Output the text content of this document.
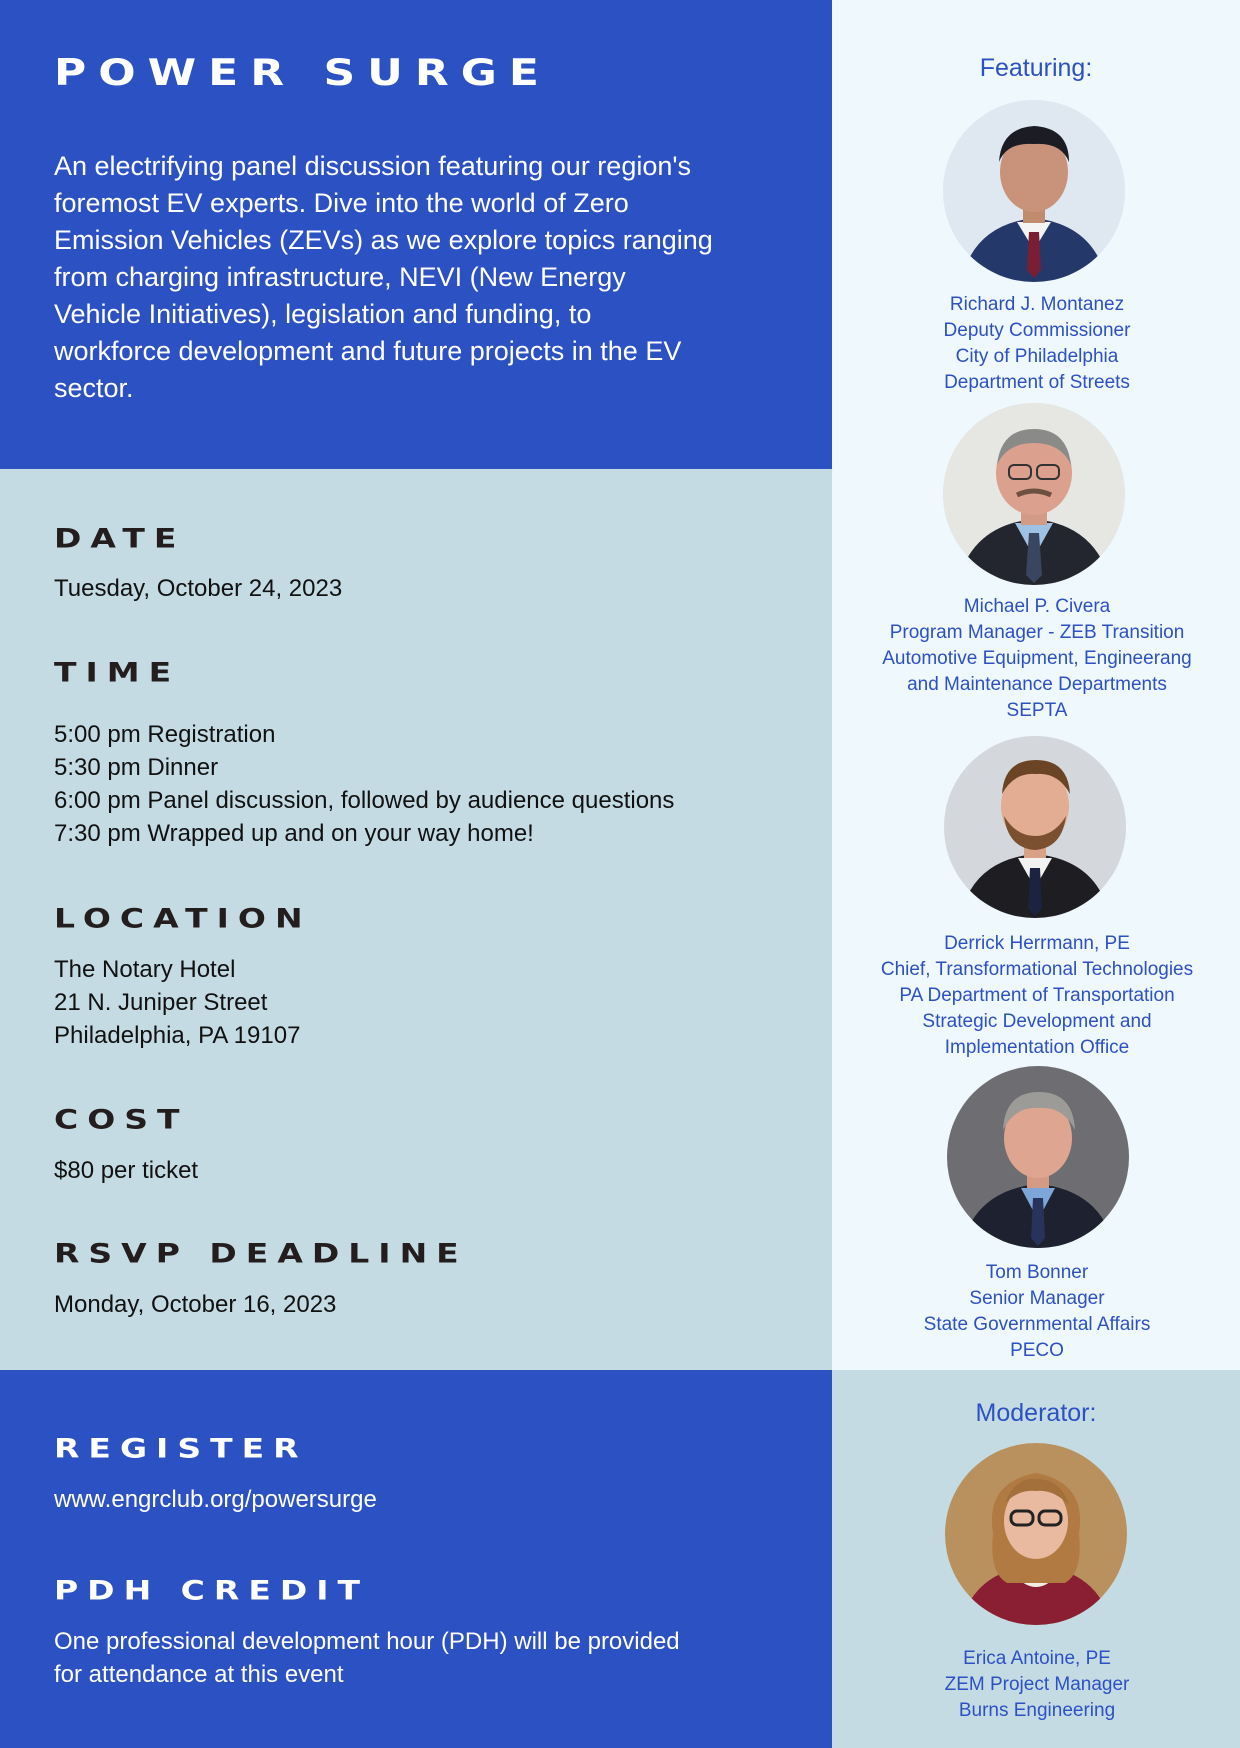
POWER SURGE

An electrifying panel discussion featuring our region's foremost EV experts. Dive into the world of Zero Emission Vehicles (ZEVs) as we explore topics ranging from charging infrastructure, NEVI (New Energy Vehicle Initiatives), legislation and funding, to workforce development and future projects in the EV sector.

DATE

Tuesday, October 24, 2023

TIME

5:00 pm Registration
5:30 pm Dinner
6:00 pm Panel discussion, followed by audience questions
7:30 pm Wrapped up and on your way home!

LOCATION

The Notary Hotel
21 N. Juniper Street
Philadelphia, PA 19107

COST

$80 per ticket

RSVP DEADLINE

Monday, October 16, 2023

REGISTER

www.engrclub.org/powersurge

PDH CREDIT

One professional development hour (PDH) will be provided
for attendance at this event

Featuring:

Richard J. Montanez
Deputy Commissioner
City of Philadelphia
Department of Streets

Michael P. Civera
Program Manager - ZEB Transition
Automotive Equipment, Engineerang
and Maintenance Departments
SEPTA

Derrick Herrmann, PE
Chief, Transformational Technologies
PA Department of Transportation
Strategic Development and
Implementation Office

Tom Bonner
Senior Manager
State Governmental Affairs
PECO

Moderator:

Erica Antoine, PE
ZEM Project Manager
Burns Engineering
